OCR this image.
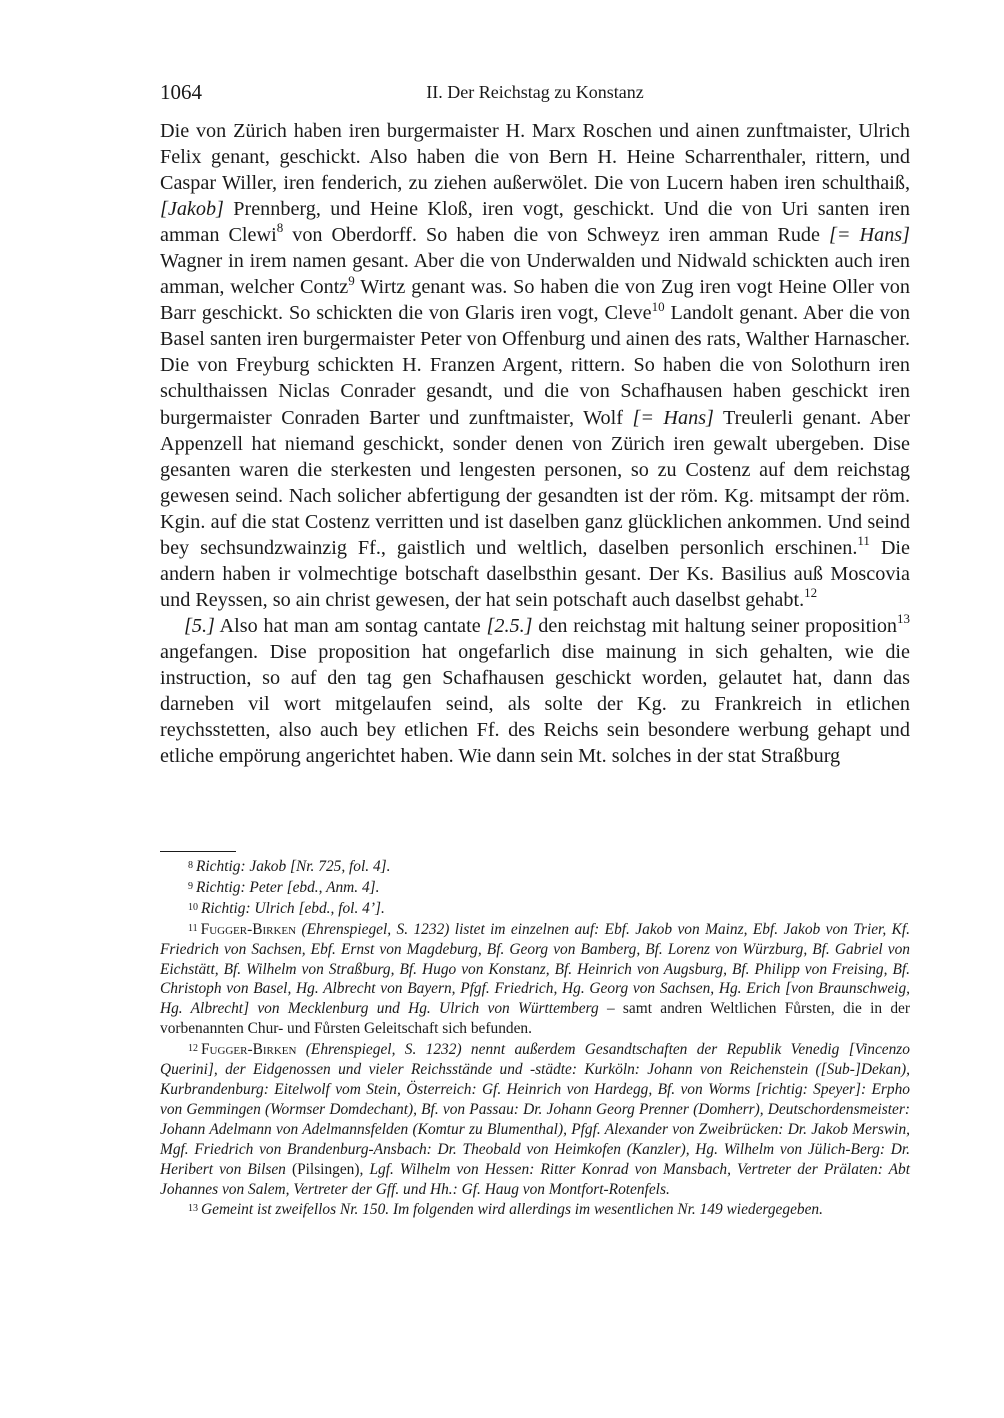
1064	II. Der Reichstag zu Konstanz

Die von Zürich haben iren burgermaister H. Marx Roschen und ainen zunftmaister, Ulrich Felix genant, geschickt. Also haben die von Bern H. Heine Scharrenthaler, rittern, und Caspar Willer, iren fenderich, zu ziehen außerwölet. Die von Lucern haben iren schulthaiß, [Jakob] Prennberg, und Heine Kloß, iren vogt, geschickt. Und die von Uri santen iren amman Clewi$^8$ von Oberdorff. So haben die von Schweyz iren amman Rude [= Hans] Wagner in irem namen gesant. Aber die von Underwalden und Nidwald schickten auch iren amman, welcher Contz$^9$ Wirtz genant was. So haben die von Zug iren vogt Heine Oller von Barr geschickt. So schickten die von Glaris iren vogt, Cleve$^{10}$ Landolt genant. Aber die von Basel santen iren burgermaister Peter von Offenburg und ainen des rats, Walther Harnascher. Die von Freyburg schickten H. Franzen Argent, rittern. So haben die von Solothurn iren schulthaissen Niclas Conrader gesandt, und die von Schafhausen haben geschickt iren burgermaister Conraden Barter und zunftmaister, Wolf [= Hans] Treulerli genant. Aber Appenzell hat niemand geschickt, sonder denen von Zürich iren gewalt ubergeben. Dise gesanten waren die sterkesten und lengesten personen, so zu Costenz auf dem reichstag gewesen seind. Nach solicher abfertigung der gesandten ist der röm. Kg. mitsampt der röm. Kgin. auf die stat Costenz verritten und ist daselben ganz glücklichen ankommen. Und seind bey sechsundzwainzig Ff., gaistlich und weltlich, daselben personlich erschinen.$^{11}$ Die andern haben ir volmechtige botschaft daselbsthin gesant. Der Ks. Basilius auß Moscovia und Reyssen, so ain christ gewesen, der hat sein potschaft auch daselbst gehabt.$^{12}$

[5.] Also hat man am sontag cantate [2.5.] den reichstag mit haltung seiner proposition$^{13}$ angefangen. Dise proposition hat ongefarlich dise mainung in sich gehalten, wie die instruction, so auf den tag gen Schafhausen geschickt worden, gelautet hat, dann das darneben vil wort mitgelaufen seind, als solte der Kg. zu Frankreich in etlichen reychsstetten, also auch bey etlichen Ff. des Reichs sein besondere werbung gehapt und etliche empörung angerichtet haben. Wie dann sein Mt. solches in der stat Straßburg

8 Richtig: Jakob [Nr. 725, fol. 4].

9 Richtig: Peter [ebd., Anm. 4].

10 Richtig: Ulrich [ebd., fol. 4’].

11 Fugger-Birken (Ehrenspiegel, S. 1232) listet im einzelnen auf: Ebf. Jakob von Mainz, Ebf. Jakob von Trier, Kf. Friedrich von Sachsen, Ebf. Ernst von Magdeburg, Bf. Georg von Bamberg, Bf. Lorenz von Würzburg, Bf. Gabriel von Eichstätt, Bf. Wilhelm von Straßburg, Bf. Hugo von Konstanz, Bf. Heinrich von Augsburg, Bf. Philipp von Freising, Bf. Christoph von Basel, Hg. Albrecht von Bayern, Pfgf. Friedrich, Hg. Georg von Sachsen, Hg. Erich [von Braunschweig, Hg. Albrecht] von Mecklenburg und Hg. Ulrich von Württemberg – samt andren Weltlichen Fůrsten, die in der vorbenannten Chur- und Fůrsten Geleitschaft sich befunden.

12 Fugger-Birken (Ehrenspiegel, S. 1232) nennt außerdem Gesandtschaften der Republik Venedig [Vincenzo Querini], der Eidgenossen und vieler Reichsstände und -städte: Kurköln: Johann von Reichenstein ([Sub-]Dekan), Kurbrandenburg: Eitelwolf vom Stein, Österreich: Gf. Heinrich von Hardegg, Bf. von Worms [richtig: Speyer]: Erpho von Gemmingen (Wormser Domdechant), Bf. von Passau: Dr. Johann Georg Prenner (Domherr), Deutschordensmeister: Johann Adelmann von Adelmannsfelden (Komtur zu Blumenthal), Pfgf. Alexander von Zweibrücken: Dr. Jakob Merswin, Mgf. Friedrich von Brandenburg-Ansbach: Dr. Theobald von Heimkofen (Kanzler), Hg. Wilhelm von Jülich-Berg: Dr. Heribert von Bilsen (Pilsingen), Lgf. Wilhelm von Hessen: Ritter Konrad von Mansbach, Vertreter der Prälaten: Abt Johannes von Salem, Vertreter der Gff. und Hh.: Gf. Haug von Montfort-Rotenfels.

13 Gemeint ist zweifellos Nr. 150. Im folgenden wird allerdings im wesentlichen Nr. 149 wiedergegeben.
